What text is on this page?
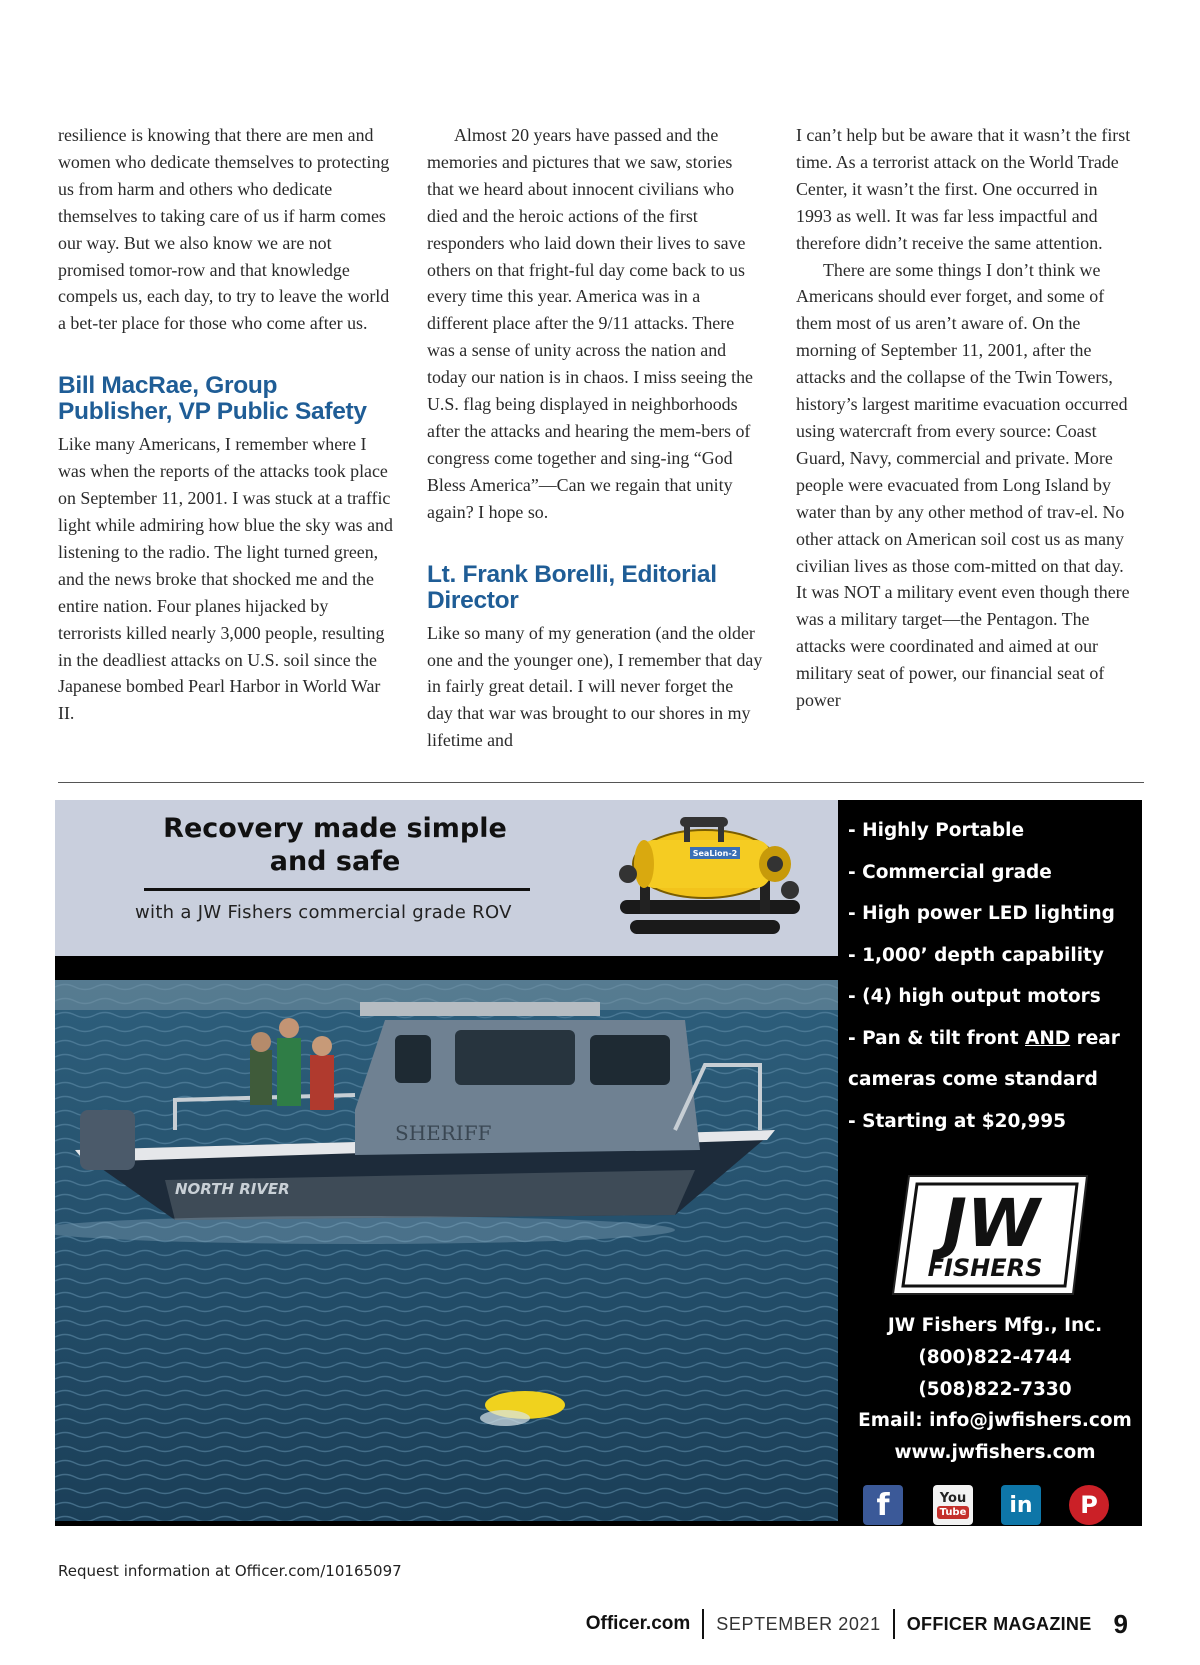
resilience is knowing that there are men and women who dedicate themselves to protecting us from harm and others who dedicate themselves to taking care of us if harm comes our way. But we also know we are not promised tomor-row and that knowledge compels us, each day, to try to leave the world a bet-ter place for those who come after us.

Bill MacRae, Group Publisher, VP Public Safety

Like many Americans, I remember where I was when the reports of the attacks took place on September 11, 2001. I was stuck at a traffic light while admiring how blue the sky was and listening to the radio. The light turned green, and the news broke that shocked me and the entire nation. Four planes hijacked by terrorists killed nearly 3,000 people, resulting in the deadliest attacks on U.S. soil since the Japanese bombed Pearl Harbor in World War II.

Almost 20 years have passed and the memories and pictures that we saw, stories that we heard about innocent civilians who died and the heroic actions of the first responders who laid down their lives to save others on that fright-ful day come back to us every time this year. America was in a different place after the 9/11 attacks. There was a sense of unity across the nation and today our nation is in chaos. I miss seeing the U.S. flag being displayed in neighborhoods after the attacks and hearing the mem-bers of congress come together and sing-ing “God Bless America”—Can we regain that unity again? I hope so.

Lt. Frank Borelli, Editorial Director

Like so many of my generation (and the older one and the younger one), I remember that day in fairly great detail. I will never forget the day that war was brought to our shores in my lifetime and

I can’t help but be aware that it wasn’t the first time. As a terrorist attack on the World Trade Center, it wasn’t the first. One occurred in 1993 as well. It was far less impactful and therefore didn’t receive the same attention.

There are some things I don’t think we Americans should ever forget, and some of them most of us aren’t aware of. On the morning of September 11, 2001, after the attacks and the collapse of the Twin Towers, history’s largest maritime evacuation occurred using watercraft from every source: Coast Guard, Navy, commercial and private. More people were evacuated from Long Island by water than by any other method of trav-el. No other attack on American soil cost us as many civilian lives as those com-mitted on that day. It was NOT a military event even though there was a military target—the Pentagon. The attacks were coordinated and aimed at our military seat of power, our financial seat of power

Recovery made simple
and safe
with a JW Fishers commercial grade ROV
SeaLion-2
NORTH RIVER
SHERIFF
- Highly Portable
- Commercial grade
- High power LED lighting
- 1,000’ depth capability
- (4) high output motors
- Pan & tilt front AND rear
cameras come standard
- Starting at $20,995
JW
FISHERS
JW Fishers Mfg., Inc.
(800)822-4744
(508)822-7330
Email: info@jwfishers.com
www.jwfishers.com
f	You
Tube in P
Request information at Officer.com/10165097
Officer.com SEPTEMBER 2021 OFFICER MAGAZINE 9
